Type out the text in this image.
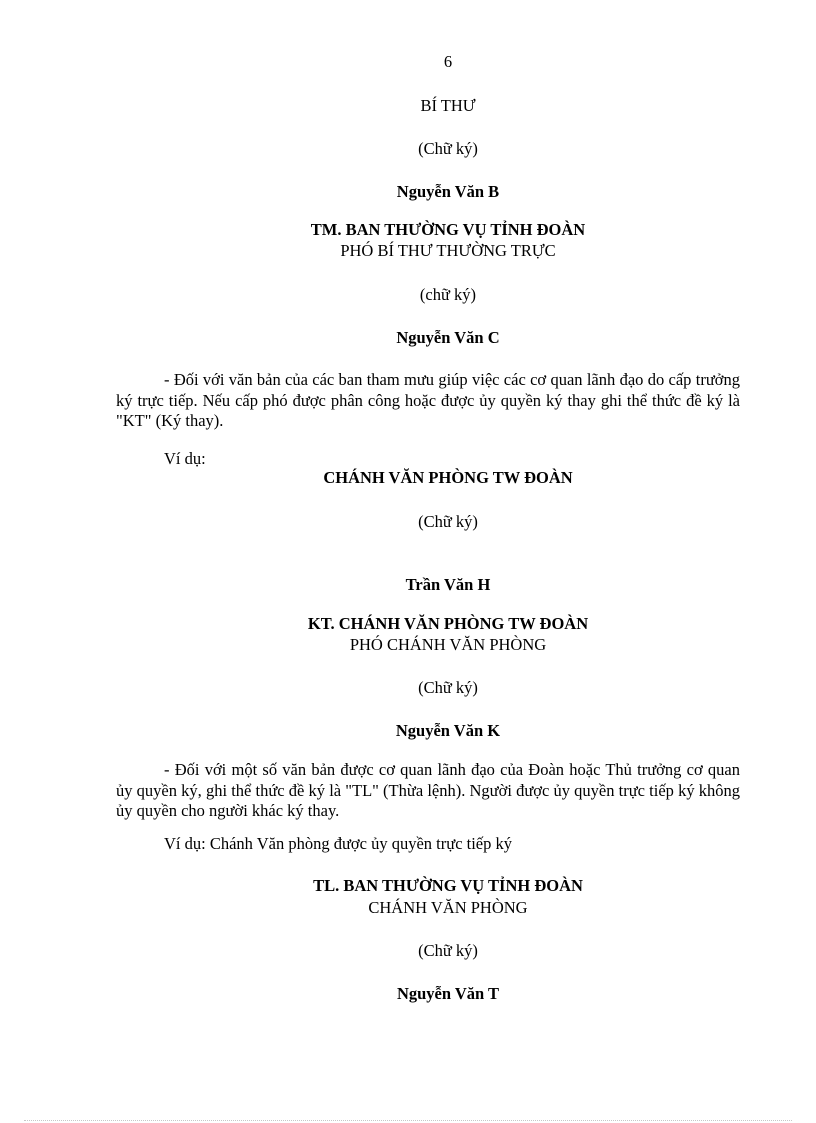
6
BÍ THƯ
(Chữ ký)
Nguyễn Văn B
TM. BAN THƯỜNG VỤ TỈNH ĐOÀN
PHÓ BÍ THƯ THƯỜNG TRỰC
(chữ ký)
Nguyễn Văn C
- Đối với văn bản của các ban tham mưu giúp việc các cơ quan lãnh đạo do cấp trưởng ký trực tiếp. Nếu cấp phó được phân công hoặc được ủy quyền ký thay ghi thể thức đề ký là "KT" (Ký thay).
Ví dụ:
CHÁNH VĂN PHÒNG TW ĐOÀN
(Chữ ký)
Trần Văn H
KT. CHÁNH VĂN PHÒNG TW ĐOÀN
PHÓ CHÁNH VĂN PHÒNG
(Chữ ký)
Nguyễn Văn K
- Đối với một số văn bản được cơ quan lãnh đạo của Đoàn hoặc Thủ trưởng cơ quan ủy quyền ký, ghi thể thức đề ký là "TL" (Thừa lệnh). Người được ủy quyền trực tiếp ký không ủy quyền cho người khác ký thay.
Ví dụ: Chánh Văn phòng được ủy quyền trực tiếp ký
TL. BAN THƯỜNG VỤ TỈNH ĐOÀN
CHÁNH VĂN PHÒNG
(Chữ ký)
Nguyễn Văn T
